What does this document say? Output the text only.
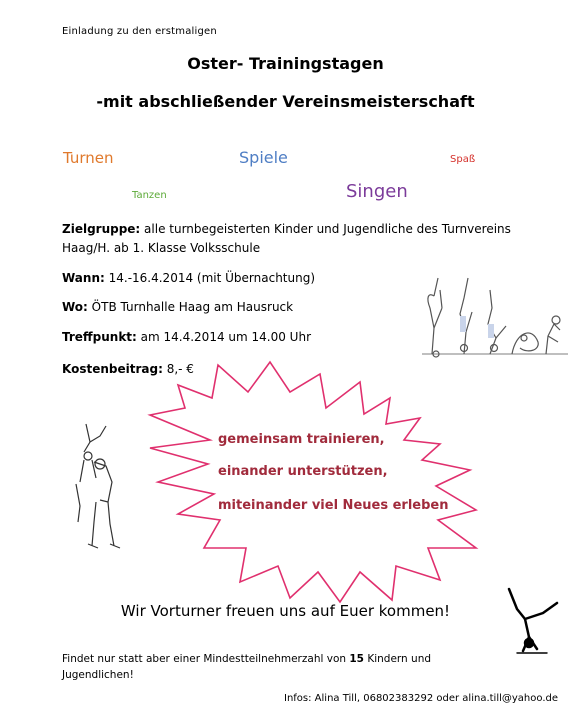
Einladung zu den erstmaligen
Oster- Trainingstagen
-mit abschließender Vereinsmeisterschaft
Turnen	Spiele	Spaß
Tanzen	Singen
Zielgruppe: alle turnbegeisterten Kinder und Jugendliche des Turnvereins Haag/H. ab 1. Klasse Volksschule
Wann: 14.-16.4.2014 (mit Übernachtung)
Wo: ÖTB Turnhalle Haag am Hausruck
Treffpunkt: am 14.4.2014 um 14.00 Uhr
Kostenbeitrag: 8,- €
gemeinsam trainieren,
einander unterstützen,
miteinander viel Neues erleben
Wir Vorturner freuen uns auf Euer kommen!
Findet nur statt aber einer Mindestteilnehmerzahl von 15 Kindern und Jugendlichen!
Infos: Alina Till, 06802383292 oder alina.till@yahoo.de
